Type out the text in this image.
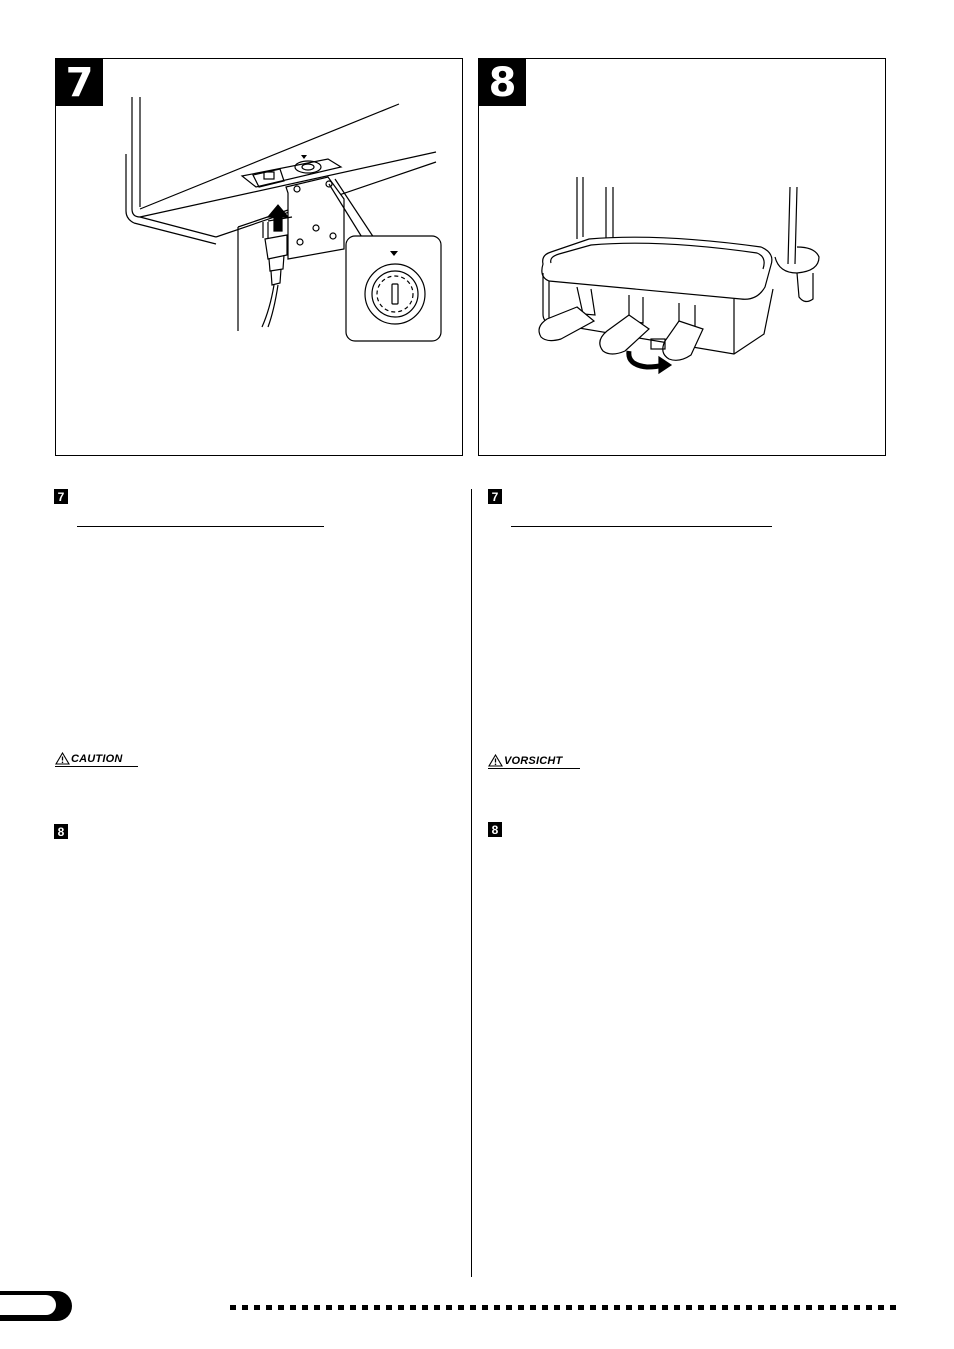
7	8
7
CAUTION
8
7
VORSICHT
8
